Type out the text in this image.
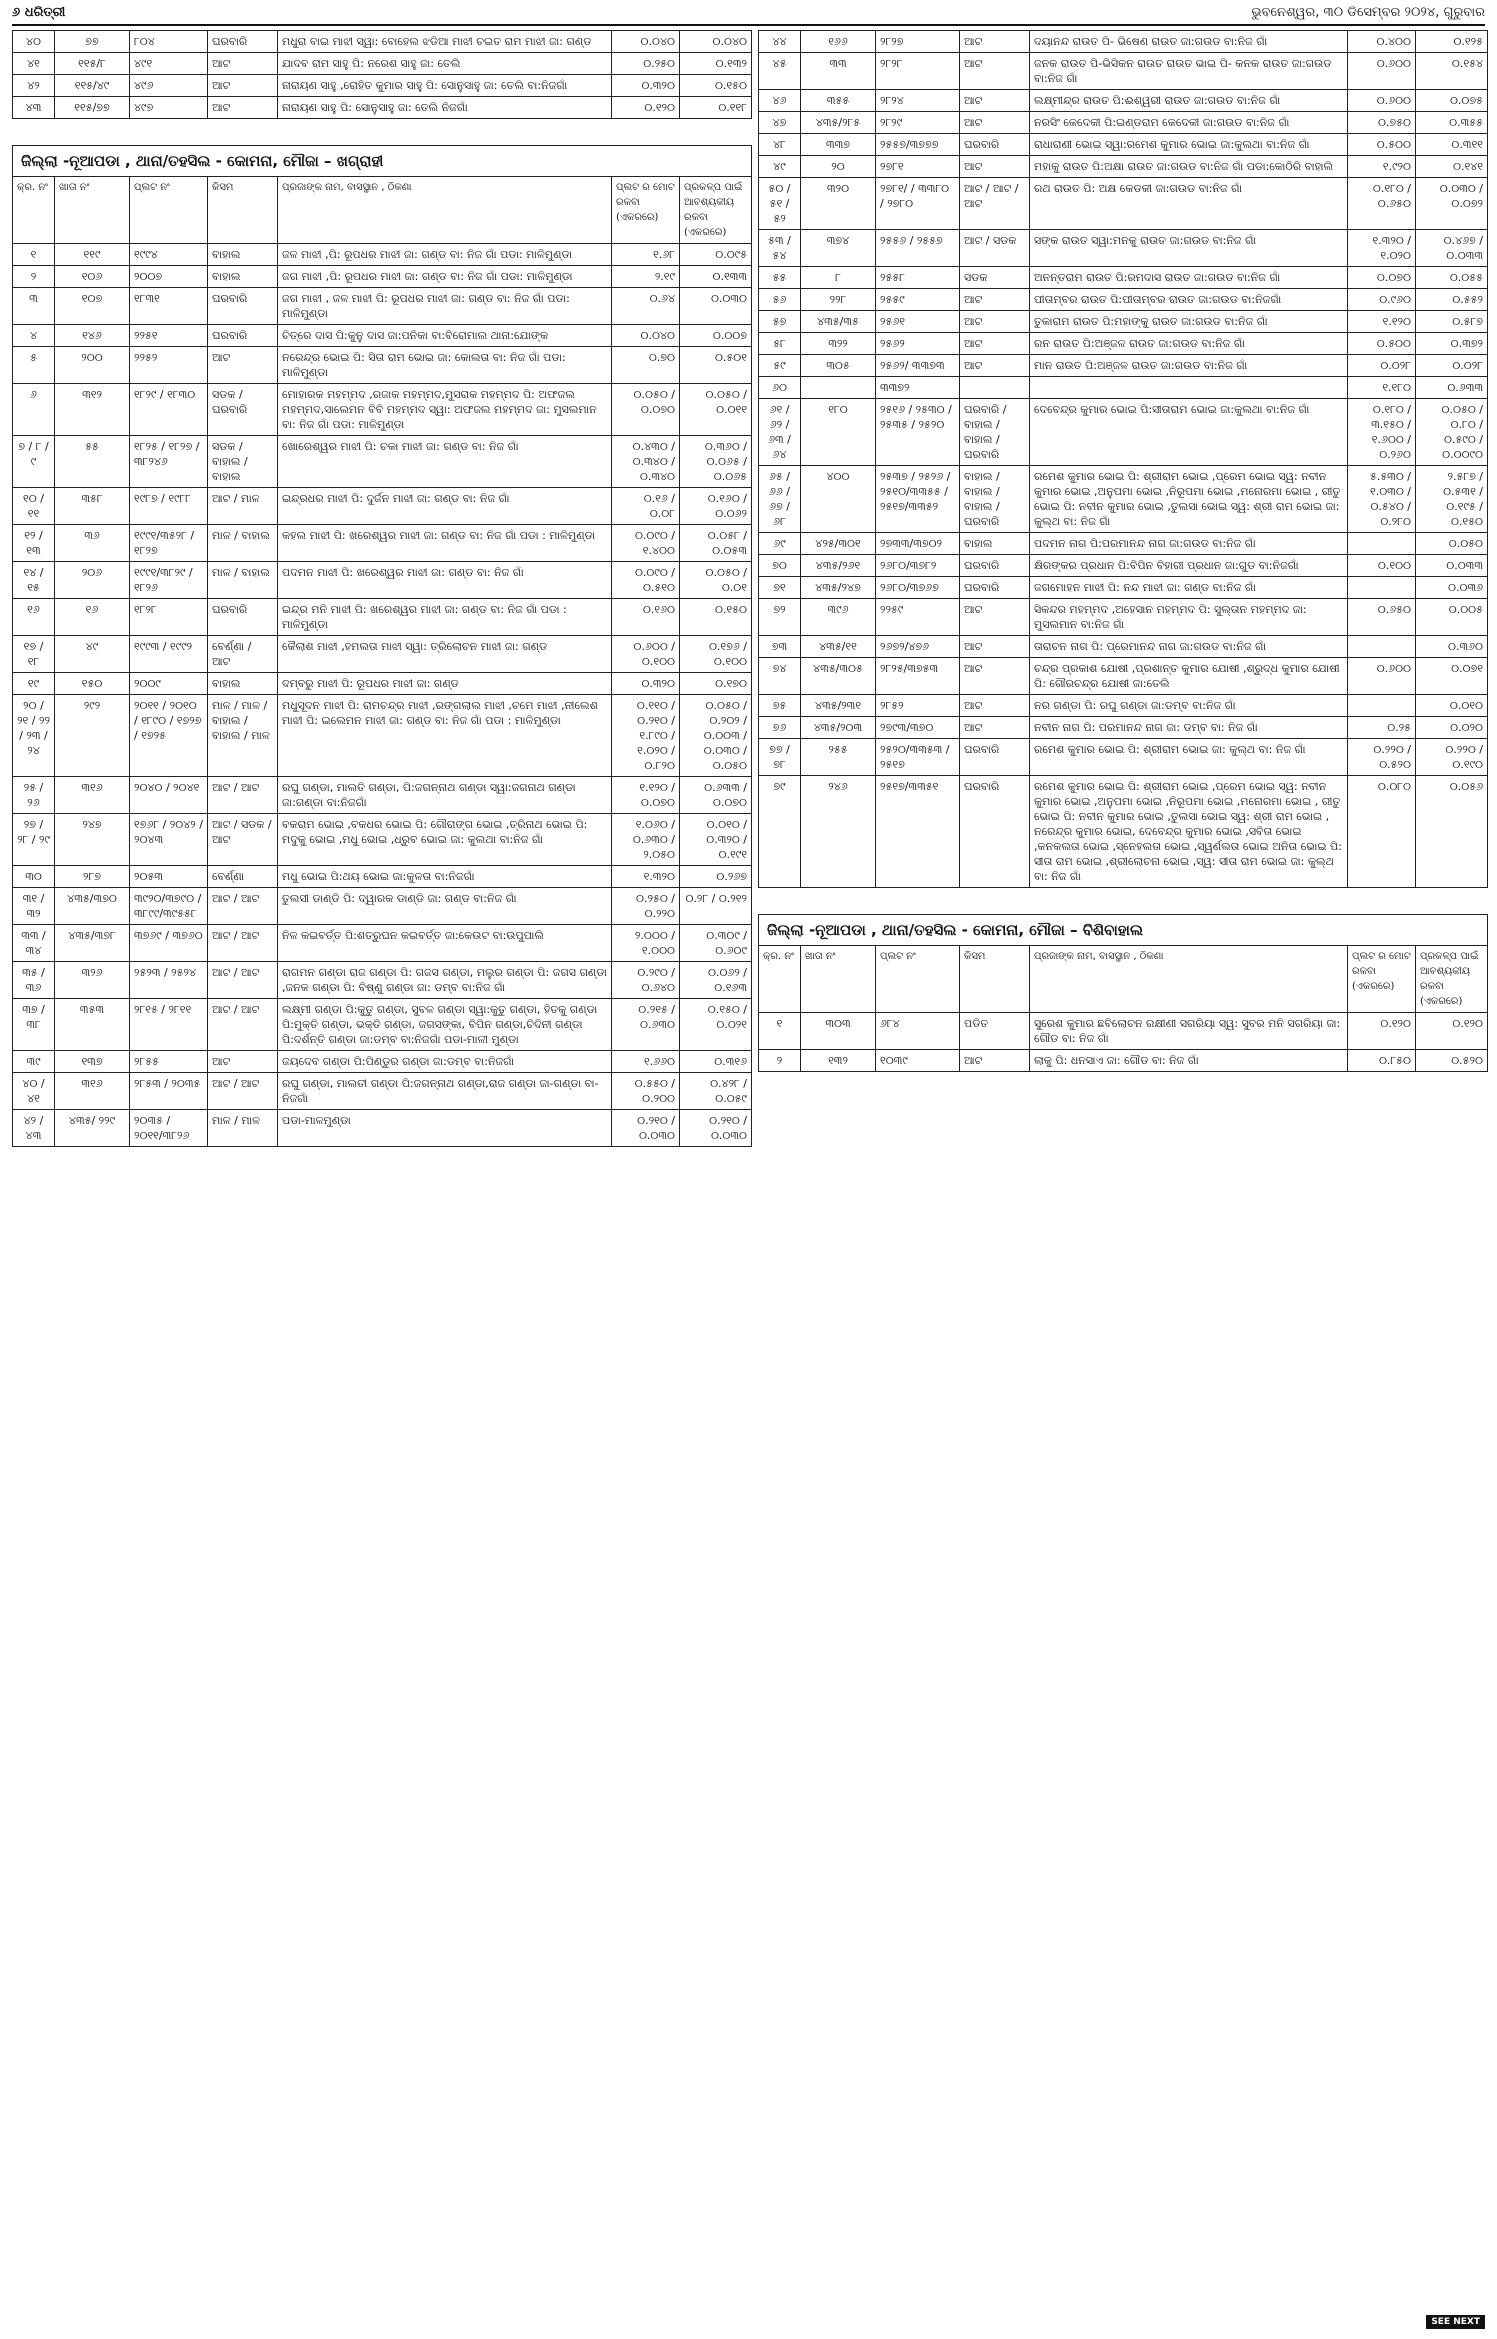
୬ ଧରିତ୍ରୀ	ଭୁବନେଶ୍ୱର, ୩୦ ଡିସେମ୍ବର ୨୦୨୪, ଗୁରୁବାର
୪୦	୭୭	୮୦୪	ଘରବାରି	ମଧୁରା ବାଇ ମାଝୀ ସ୍ୱା: ବୋହେଲ ଝଡିଆ ମାଝୀ ଚଇତ ରାମ ମାଝୀ ଜା: ଗଣ୍ଡ	୦.୦୪୦	୦.୦୪୦
୪୧	୧୧୫/୮	୪୯୧	ଆଟ	ଯାଦବ ରାମ ସାହୁ ପି: ନରେଶ ସାହୁ ଜା: ତେଲି	୦.୨୫୦	୦.୧୩୨
୪୨	୧୧୫/୪୯	୪୯୬	ଆଟ	ନାରାୟଣ ସାହୁ ,ରୋହିତ କୁମାର ସାହୁ ପି: ସୋନୁସାହୁ ଜା: ତେଲି ବା:ନିଜଗାଁ	୦.୩୨୦	୦.୧୫୦
୪୩	୧୧୫/୭୭	୪୯୭	ଆଟ	ନାରାୟଣ ସାହୁ ପି: ସୋନୁସାହୁ ଜା: ତେଲି ନିଜଗାଁ	୦.୧୨୦	୦.୧୧୮
ଜିଲ୍ଲା -ନୂଆପଡା , ଥାନା/ତହସିଲ - କୋମନା, ମୌଜା – ଖଗ୍ରାହୀ
କ୍ର. ନଂ	ଖାତା ନଂ	ପ୍ଲଟ ନଂ	କିସମ	ପ୍ରଜାଙ୍କ ନାମ, ବାସସ୍ଥାନ , ଠିକଣା	ପ୍ଲଟ ର ମୋଟ ରକବା (ଏକରରେ)	ପ୍ରକଳ୍ପ ପାଇଁ ଆବଶ୍ୟକୀୟ ରକବା (ଏକରରେ)
୧	୧୧୯	୧୯୯୪	ବାହାଲ	ଜଳ ମାଝୀ ,ପି: ରୂପଧର ମାଝୀ ଜା: ଗଣ୍ଡ ବା: ନିଜ ଗାଁ ପଡା: ମାଳିମୁଣ୍ଡା	୧.୬୮	୦.୦୯୫
୨	୧୦୬	୨୦୦୭	ବାହାଲ	ଜଗ ମାଝୀ ,ପି: ରୂପଧର ମାଝୀ ଜା: ଗଣ୍ଡ ବା: ନିଜ ଗାଁ ପଡା: ମାଳିମୁଣ୍ଡା	୨.୧୯	୦.୧୩୩
୩	୧୦୭	୧୮୩୧	ଘରବାରି	ଜଗ ମାଝୀ , ଜଳ ମାଝୀ ପି: ରୂପଧର ମାଝୀ ଜା: ଗଣ୍ଡ ବା: ନିଜ ଗାଁ ପଡା: ମାଳିମୁଣ୍ଡା	୦.୬୪	୦.୦୩୦
୪	୧୪୬	୨୨୫୧	ଘରବାରି	ଚିତ୍ରେ ଦାସ ପି:କୁନୁ ଦାସ ଜା:ପନିକା ବା:ବିରୋମାଲ ଥାନା:ଯୋଙ୍କ	୦.୦୪୦	୦.୦୦୭
୫	୨୦୦	୨୨୫୨	ଆଟ	ନରେନ୍ଦ୍ର ଭୋଇ ପି: ସିତା ରାମ ଭୋଇ ଜା: କୋଲତା ବା: ନିଜ ଗାଁ ପଡା: ମାଳିମୁଣ୍ଡା	୦.୭୦	୦.୫୦୧
୬	୩୧୨	୧୮୨୯ / ୧୮୩୦	ସଡକ / ଘରବାରି	ମୋହାରକ ମହମ୍ମଦ ,ରଜାକ ମହମ୍ମଦ,ମୁସରାକ ମହମ୍ମଦ ପି: ଅଫଜଲ ମହମ୍ମଦ,ସାଲେମନ ବିବି ମହମ୍ମଦ ସ୍ୱା: ଅଫଜଲ ମହମ୍ମଦ ଜା: ମୁସଲମାନ ବା: ନିଜ ଗାଁ ପଡା: ମାଳିମୁଣ୍ଡା	୦.୦୫୦ / ୦.୦୭୦	୦.୦୫୦ / ୦.୦୧୧
୭ / ୮ / ୯	୫୫	୧୮୨୫ / ୧୮୨୭ / ୩୮୨୪୬	ସଡକ / ବାହାଲ / ବାହାଲ	ଖୋରେଶ୍ୱର ମାଝୀ ପି: ଚକା ମାଝୀ ଜା: ଗଣ୍ଡ ବା: ନିଜ ଗାଁ	୦.୪୩୦ / ୦.୩୪୦ / ୦.୩୪୦	୦.୩୬୦ / ୦.୦୬୫ / ୦.୦୬୫
୧୦ / ୧୧	୩୫୮	୧୯୮୭ / ୧୯୮୮	ଆଟ / ମାଳ	ଇନ୍ଦ୍ରଧର ମାଝୀ ପି: ଦୁର୍ଜନ ମାଝୀ ଜା: ଗଣ୍ଡ ବା: ନିଜ ଗାଁ	୦.୧୬ / ୦.୦୮	୦.୧୬୦ / ୦.୦୬୨
୧୨ / ୧୩	୩୬	୧୯୯୧/୩୫୨୮ / ୧୮୨୭	ମାଳ / ବାହାଲ	କହଲ ମାଝୀ ପି: ଖରେଶ୍ୱର ମାଝୀ ଜା: ଗଣ୍ଡ ବା: ନିଜ ଗାଁ ପଡା : ମାଳିମୁଣ୍ଡା	୦.୦୯୦ / ୧.୪୦୦	୦.୦୫୮ / ୦.୦୫୩
୧୪ / ୧୫	୨୦୬	୧୯୯୧/୩୮୨୯ / ୧୮୨୬	ମାଳ / ବାହାଲ	ପଦମନ ମାଝୀ ପି: ଖରେଶ୍ୱର ମାଝୀ ଜା: ଗଣ୍ଡ ବା: ନିଜ ଗାଁ	୦.୦୯୦ / ୦.୫୧୦	୦.୦୫୦ / ୦.୦୧
୧୬	୧୬	୧୮୨୮	ଘରବାରି	ଇନ୍ଦ୍ର ମନି ମାଝୀ ପି: ଖରେଶ୍ୱର ମାଝୀ ଜା: ଗଣ୍ଡ ବା: ନିଜ ଗାଁ ପଡା : ମାଳିମୁଣ୍ଡା	୦.୧୬୦	୦.୧୫୦
୧୭ / ୧୮	୪୯	୧୯୯୩ / ୧୯୯୨	ବେର୍ଣ୍ଣା / ଆଟ	କୈଲାଶ ମାଝୀ ,ହମଲତା ମାଝୀ ସ୍ୱା: ତ୍ରିଲୋଚନ ମାଝୀ ଜା: ଗଣ୍ଡ	୦.୬୦୦ / ୦.୧୦୦	୦.୧୭୬ / ୦.୧୦୦
୧୯	୧୫୦	୨୦୦୯	ବାହାଲ	ଦମ୍ବରୁ ମାଝୀ ପି: ରୂପଧର ମାଝୀ ଜା: ଗଣ୍ଡ	୦.୩୨୦	୦.୧୭୦
୨୦ / ୨୧ / ୨୨ / ୨୩ / ୨୪	୨୯୨	୨୦୧୧ / ୨୦୧୦ / ୧୮୯୦ / ୧୭୨୭ / ୧୭୨୫	ମାଳ / ମାଳ / ବାହାଲ / ବାହାଲ / ମାଳ	ମଧୁସୂଦନ ମାଝୀ ପି: ରାମଚନ୍ଦ୍ର ମାଝୀ ,ରଙ୍ଗଲାଲ ମାଝୀ ,ଚମେ ମାଝୀ ,ନୀଲେଶ ମାଝୀ ପି: ଇଲେମନ ମାଝୀ ଜା: ଗଣ୍ଡ ବା: ନିଜ ଗାଁ ପଡା : ମାଳିମୁଣ୍ଡା	୦.୧୧୦ / ୦.୨୧୦ / ୧.୮୯୦ / ୧.୦୨୦ / ୦.୮୨୦	୦.୦୫୦ / ୦.୨୦୨ / ୦.୦୦୩ / ୦.୦୩୦ / ୦.୦୫୦
୨୫ / ୨୬	୩୧୬	୨୦୪୦ / ୨୦୪୧	ଆଟ / ଆଟ	ରଘୁ ଗଣ୍ଡା, ମାଲତି ଗଣ୍ଡା, ପି:ଜଗନ୍ନାଥ ଗଣ୍ଡା ସ୍ୱା:ଜଗନାଥ ଗଣ୍ଡା ଜା:ଗଣ୍ଡା ବା:ନିଜଗାଁ	୧.୧୨୦ / ୦.୦୭୦	୦.୬୩୩ / ୦.୦୭୦
୨୭ / ୨୮ / ୨୯	୨୪୭	୧୭୬୮ / ୨୦୪୨ / ୨୦୪୩	ଆଟ / ସଡକ / ଆଟ	ବକରାମ ଭୋଇ ,ବକଧର ଭୋଇ ପି: ଗୌରାଙ୍ଗ ଭୋଇ ,ତ୍ରିନାଥ ଭୋଇ ପି: ମଦୁକୁ ଭୋଇ ,ମଧୁ ଭୋଇ ,ଧ୍ରୁବ ଭୋଇ ଜା: କୁଲଥା ବା:ନିଜ ଗାଁ	୧.୦୬୦ / ୦.୬୩୦ / ୨.୦୫୦	୦.୦୧୦ / ୦.୩୨୦ / ୦.୧୯୧
୩୦	୨୮୭	୨୦୫୩	ବେର୍ଣ୍ଣା	ମଧୁ ଭୋଇ ପି:ଥୟ ଭୋଇ ଜା:କୁଳତା ବା:ନିଜଗାଁ	୧.୩୨୦	୦.୨୬୭
୩୧ / ୩୨	୪୩୫/୩୭୦	୩୯୨୦/୩୭୯୦ / ୩୮୯୯/୩୯୫୫୮	ଆଟ / ଆଟ	ତୁଲସୀ ଡାଣ୍ଡି ପି: ଦ୍ୱାରକ ଡାଣ୍ଡି ଜା: ଗଣ୍ଡ ବା:ନିଜ ଗାଁ	୦.୨୫୦ / ୦.୨୨୦	୦.୨୮ / ୦.୨୧୨
୩୩ / ୩୪	୪୩୫/୩୭୮	୩୭୬୯ / ୩୭୬୦	ଆଟ / ଆଟ	ନିଳ କଇବର୍ତ୍ତ ପି:ଶତ୍ରୁଘନ କଇବର୍ତ୍ତ ଜା:କେଉଟ ବା:ଉପୁପାଲି	୨.୦୦୦ / ୧.୦୦୦	୦.୩୦୯ / ୦.୬୦୯
୩୫ / ୩୬	୩୨୬	୨୫୨୩ / ୨୫୨୪	ଆଟ / ଆଟ	ରାଗମନ ଗଣ୍ଡା ରାଜ ଗଣ୍ଡା ପି: ଗଜସ ଗଣ୍ଡା, ମଲୁର ଗଣ୍ଡା ପି: ଜଗସ ଗଣ୍ଡା ,ଜନକ ଗଣ୍ଡା ପି: ବିଷ୍ଣୁ ଗଣ୍ଡା ଜା: ଡମ୍ବ ବା:ନିଜ ଗାଁ	୦.୨୯୦ / ୦.୬୪୦	୦.୦୬୨ / ୦.୧୬୩
୩୭ / ୩୮	୩୫୩	୨୮୧୫ / ୨୮୧୧	ଆଟ / ଆଟ	ଲକ୍ଷ୍ମୀ ଗଣ୍ଡା ପି:କୁତୁ ଗଣ୍ଡା, ସୁବଳ ଗଣ୍ଡା ସ୍ୱା:କୁତୁ ଗଣ୍ଡା, ହିତକୁ ଗଣ୍ଡା ପି:ମୁକ୍ତି ଗଣ୍ଡା, ଭକ୍ତି ଗଣ୍ଡା, ଜଗସଙ୍କା, ବିପିନ ଗଣ୍ଡା,ଚିଦିନୀ ଗଣ୍ଡା ପି:ଦର୍ଶନ୍ତି ଗଣ୍ଡା ଜା:ଡମ୍ବ ବା:ନିଜଗାଁ ପଡା-ମାଳୀ ମୁଣ୍ଡା	୦.୨୧୫ / ୦.୬୩୦	୦.୧୫୦ / ୦.୦୨୧
୩୯	୧୩୭	୨୮୫୫	ଆଟ	ଜୟଦେବ ଗଣ୍ଡା ପି:ପିଣ୍ଡୁର ଗଣ୍ଡା ଜା:ଡମ୍ବ ବା:ନିଜଗାଁ	୧.୬୬୦	୦.୩୧୬
୪୦ / ୪୧	୩୧୬	୨୮୫୩ / ୨୦୩୫	ଆଟ / ଆଟ	ରଘୁ ଗଣ୍ଡା, ମାଲତୀ ଗଣ୍ଡା ପି:ଜଗନ୍ନାଥ ଗଣ୍ଡା,ରାଜ ଗଣ୍ଡା ଜା-ଗଣ୍ଡା ବା-ନିଜଗାଁ	୦.୫୫୦ / ୦.୨୦୦	୦.୪୨୮ / ୦.୦୫୯
୪୨ / ୪୩	୪୩୫/ ୨୨୯	୨୦୩୫ / ୨୦୧୧/୩୮୨୬	ମାଳ / ମାଳ	ପଡା-ମାଳମୁଣ୍ଡା	୦.୨୧୦ / ୦.୦୩୦	୦.୨୧୦ / ୦.୦୩୦
୪୪	୧୬୬	୨୮୨୭	ଆଟ	ଦୟାନନ୍ଦ ରାଉତ ପି- ଭିଷେଣ ରାଉତ ଜା:ଗଉଡ ବା:ନିଜ ଗାଁ	୦.୪୦୦	୦.୧୨୫
୪୫	୩୩	୨୮୨୮	ଆଟ	ଜନକ ରାଉତ ପି-ଭିସିକନ ରାଉତ ରାଉତ ଭାଇ ପି- କନକ ରାଉତ ଜା:ଗଉଡ ବା:ନିଜ ଗାଁ	୦.୬୦୦	୦.୧୫୪
୪୬	୩୫୫	୨୮୨୪	ଆଟ	ଲକ୍ଷ୍ମୀନ୍ଦ୍ର ରାଉତ ପି:ଈଶ୍ୱରୀ ରାଉତ ଜା:ଗଉଡ ବା:ନିଜ ଗାଁ	୦.୬୦୦	୦.୦୭୫
୪୭	୪୩୫/୨୮୫	୨୮୨୯	ଆଟ	ନରସିଂ କେଦେକୀ ପି:ଇଣ୍ଡରାମ କେଦେକୀ ଜା:ଗଉଡ ବା:ନିଜ ଗାଁ	୦.୭୫୦	୦.୩୫୫
୪୮	୩୩୭	୨୫୫୭/୩୭୭୭	ଘରବାରି	ରାଧାରାଣୀ ଭୋଇ ସ୍ୱା:ରମେଶ କୁମାର ଭୋଇ ଜା:କୁଲଥା ବା:ନିଜ ଗାଁ	୦.୫୦୦	୦.୩୧୧
୪୯	୨୦	୨୭୮୧	ଆଟ	ମହାକୁ ରାଉତ ପି:ଅକ୍ଷା ରାଉତ ଜା:ଗଉଡ ବା:ନିଜ ଗାଁ ପଡା:କୋଠିରି ବାହାଲି	୧.୯୨୦	୦.୧୪୧
୫୦ / ୫୧ / ୫୨	୩୨୦	୨୭୮୧/ / ୩୩୮୦ / ୨୭୮୦	ଆଟ / ଆଟ / ଆଟ	ରଥ ରାଉତ ପି: ଅକ୍ଷ କେଡକୀ ଜା:ଗଉଡ ବା:ନିଜ ଗାଁ	୦.୧୮୦ / ୦.୬୫୦	୦.୦୩୦ / ୦.୦୭୨
୫୩ / ୫୪	୩୭୪	୨୫୫୬ / ୨୫୫୭	ଆଟ / ସଡକ	ସଙ୍କ ରାଉତ ସ୍ୱା:ମନକୁ ରାଉତ ଜା:ଗଉଡ ବା:ନିଜ ଗାଁ	୧.୩୨୦ / ୧.୦୨୦	୦.୪୬୭ / ୦.୦୩୩
୫୫	୮	୨୫୫୮	ସଡକ	ଅନନ୍ତରାମ ରାଉତ ପି:ରମଦାସ ରାଉତ ଜା:ଗଉଡ ବା:ନିଜ ଗାଁ	୦.୦୭୦	୦.୦୫୫
୫୬	୨୨୮	୨୫୫୯	ଆଟ	ପୀତାମ୍ବର ରାଉତ ପି:ପୀତାମ୍ବର ରାଉତ ଜା:ଗଉଡ ବା:ନିଜଗାଁ	୦.୯୬୦	୦.୫୫୨
୫୭	୪୩୫/୩୫	୨୫୬୧	ଆଟ	ତୁକାରାମ ରାଉତ ପି:ମହାଙ୍କୁ ରାଉତ ଜା:ଗଉଡ ବା:ନିଜ ଗାଁ	୧.୧୨୦	୦.୫୮୭
୫୮	୩୨୨	୨୫୬୨	ଆଟ	ରନ ରାଉତ ପି:ଅଞ୍ଜଳ ରାଉତ ଜା:ଗଉଡ ବା:ନିଜ ଗାଁ	୦.୫୦୦	୦.୩୭୨
୫୯	୩୦୫	୨୫୬୨/ ୩୩୭୩	ଆଟ	ମାନ ରାଉତ ପି:ଅଞ୍ଜଳ ରାଉତ ଜା:ଗଉଡ ବା:ନିଜ ଗାଁ	୦.୦୨୮	୦.୦୨୮
୬୦		୩୩୭୨			୧.୧୮୦	୦.୬୩୩
୬୧ / ୬୨ / ୬୩ / ୬୪	୧୮୦	୨୫୧୬ / ୨୫୩୦ / ୨୫୩୫ / ୨୫୨୦	ଘରବାରି / ବାହାଲ / ବାହାଲ / ଘରବାରି	ଦେବେନ୍ଦ୍ର କୁମାର ଭୋଇ ପି:ସୀତାରାମ ଭୋଇ ଜା:କୁଲଥା ବା:ନିଜ ଗାଁ	୦.୧୮୦ / ୩.୧୫୦ / ୧.୬୦୦ / ୦.୨୬୦	୦.୦୫୦ / ୦.୮୦ / ୦.୫୯୦ / ୦.୦୦୯୦
୬୫ / ୬୬ / ୬୭ / ୬୮	୪୦୦	୨୫୩୭ / ୨୫୨୬ / ୨୫୧୦/୩୩୫୫ / ୨୫୧୭/୩୩୫୨	ବାହାଲ / ବାହାଲ / ବାହାଲ / ଘରବାରି	ରମେଶ କୁମାର ଭୋଇ ପି: ଶ୍ରୀରାମ ଭୋଇ ,ପ୍ରେମ ଭୋଇ ସ୍ୱ: ନବୀନ କୁମାର ଭୋଇ ,ଅନୁପମା ଭୋଇ ,ନିରୂପମା ଭୋଇ ,ମନୋରମା ଭୋଇ , ରୀତୁ ଭୋଇ ପି: ନବୀନ କୁମାର ଭୋଇ ,ତୁଲସା ଭୋଇ ସ୍ୱ: ଶ୍ରୀ ରାମ ଭୋଇ ଜା: କୁଲ୍ଥ ବା: ନିଜ ଗାଁ	୫.୫୩୦ / ୧.୦୩୦ / ୦.୫୪୦ / ୦.୨୮୦	୨.୫୮୭ / ୦.୫୩୧ / ୦.୧୯୫ / ୦.୧୫୦
୬୯	୪୨୫/୩୦୧	୨୭୩୩/୩୭୦୨	ବାହାଲ	ପଦମନ ନାଗ ପି:ପରମାନନ୍ଦ ନାଗ ଜା:ଗଉଡ ବା:ନିଜ ଗାଁ		୦.୦୫୦
୭୦	୪୩୫/୨୬୧	୨୬୮୦/୩୭୮୨	ଘରବାରି	କ୍ଷିରଙ୍କର ପ୍ରଧାନ ପି:ବିପିନ ବିହାରୀ ପ୍ରଧାନ ଜା:ଗୁଡ ବା:ନିଜଗାଁ	୦.୧୦୦	୦.୦୩୩
୭୧	୪୩୫/୨୪୭	୨୬୮୦/୩୭୬୭	ଘରବାରି	ଜଗମୋହନ ମାଝୀ ପି: ନନ୍ଦ ମାଝୀ ଜା: ଗଣ୍ଡ ବା:ନିଜ ଗାଁ		୦.୦୩୬
୭୨	୩୯୬	୨୨୫୯	ଆଟ	ସିକନ୍ଦର ମହମ୍ମଦ ,ଅହେସାନ ମହମ୍ମଦ ପି: ସୁଲ୍ତାନ ମହମ୍ମଦ ଜା: ମୁସଲମାନ ବା:ନିଜ ଗାଁ	୦.୬୫୦	୦.୦୦୫
୭୩	୪୩୫/୧୧	୨୬୭୨/୪୭୬	ଆଟ	ତାରାଚନ ନାଗ ପି: ପ୍ରେମାନନ୍ଦ ନାଗ ଜା:ଗଉଡ ବା:ନିଜ ଗାଁ		୦.୩୬୦
୭୪	୪୩୫/୩୦୫	୨୮୨୫/୩୭୫୩	ଆଟ	ଚନ୍ଦ୍ର ପ୍ରକାଶ ଯୋଷୀ ,ପ୍ରଶାନ୍ତ କୁମାର ଯୋଷୀ ,ଶ୍ରୁଦ୍ଧ କୁମାର ଯୋଷୀ ପି: ଗୌରଚନ୍ଦ୍ର ଯୋଷୀ ଜା:ତେଲି	୦.୬୦୦	୦.୦୭୧
୭୫	୪୩୫/୨୩୧	୨୮୫୨	ଆଟ	ନର ଗଣ୍ଡା ପି: ରଘୁ ଗଣ୍ଡା ଜା:ଡମ୍ବ ବା:ନିଜ ଗାଁ		୦.୦୧୦
୭୬	୪୩୫/୨୦୩	୨୭୯୩/୩୭୦	ଆଟ	ନବୀନ ନାଗ ପି: ପରମାନନ୍ଦ ନାଗ ଜା: ଡମ୍ବ ବା: ନିଜ ଗାଁ	୦.୨୫	୦.୦୨୦
୭୭ / ୭୮	୨୫୫	୨୫୨୦/୩୩୫୩ / ୨୫୧୭	ଘରବାରି	ରମେଶ କୁମାର ଭୋଇ ପି: ଶ୍ରୀରାମ ଭୋଇ ଜା: କୁଲ୍ଥ ବା: ନିଜ ଗାଁ	୦.୨୨୦ / ୦.୫୨୦	୦.୨୨୦ / ୦.୧୯୦
୭୯	୨୪୬	୨୫୧୭/୩୩୫୧	ଘରବାରି	ରମେଶ କୁମାର ଭୋଇ ପି: ଶ୍ରୀରାମ ଭୋଇ ,ପ୍ରେମ ଭୋଇ ସ୍ୱ: ନବୀନ କୁମାର ଭୋଇ ,ଅନୁପମା ଭୋଇ ,ନିରୂପମା ଭୋଇ ,ମନୋରମା ଭୋଇ , ରୀତୁ ଭୋଇ ପି: ନବୀନ କୁମାର ଭୋଇ ,ତୁଲସା ଭୋଇ ସ୍ୱ: ଶ୍ରୀ ରାମ ଭୋଇ , ନରେନ୍ଦ୍ର କୁମାର ଭୋଇ, ଦେବେନ୍ଦ୍ର କୁମାର ଭୋଇ ,ସବିତା ଭୋଇ ,କନକଲତା ଭୋଇ ,ସ୍ନେହଲତା ଭୋଇ ,ସ୍ୱର୍ଣଲତା ଭୋଇ ଅନିତା ଭୋଇ ପି: ସୀତା ରାମ ଭୋଇ ,ଶ୍ରୀଲୋଚନା ଭୋଇ ,ସ୍ୱ: ସୀତା ରାମ ଭୋଇ ଜା: କୁଲ୍ଥ ବା: ନିଜ ଗାଁ	୦.୦୮୦	୦.୦୫୬
ଜିଲ୍ଲା -ନୂଆପଡା , ଥାନା/ତହସିଲ - କୋମନା, ମୌଜା – ବିଶିବାହାଲ
କ୍ର. ନଂ	ଖାତା ନଂ	ପ୍ଲଟ ନଂ	କିସମ	ପ୍ରଜାଙ୍କ ନାମ, ବାସସ୍ଥାନ , ଠିକଣା	ପ୍ଲଟ ର ମୋଟ ରକବା (ଏକରରେ)	ପ୍ରକଳ୍ପ ପାଇଁ ଆବଶ୍ୟକୀୟ ରକବା (ଏକରରେ)
୧	୩୦୩	୬୮୪	ପଡିତ	ସୁରେଶ କୁମାର ଛବିଲୋଚନ ରକ୍ଷୀଣୀ ସଗରିୟା ସ୍ୱ: ସୁବର ମନି ସଗରିୟା ଜା: ଗୌଡ ବା: ନିଜ ଗାଁ	୦.୧୨୦	୦.୧୨୦
୨	୧୩୨	୧୦୩୯	ଆଟ	ଲାକୁ ପି: ଧନସାଏ ଜା: ଗୌଡ ବା: ନିଜ ଗାଁ	୦.୮୫୦	୦.୫୨୦
SEE NEXT
